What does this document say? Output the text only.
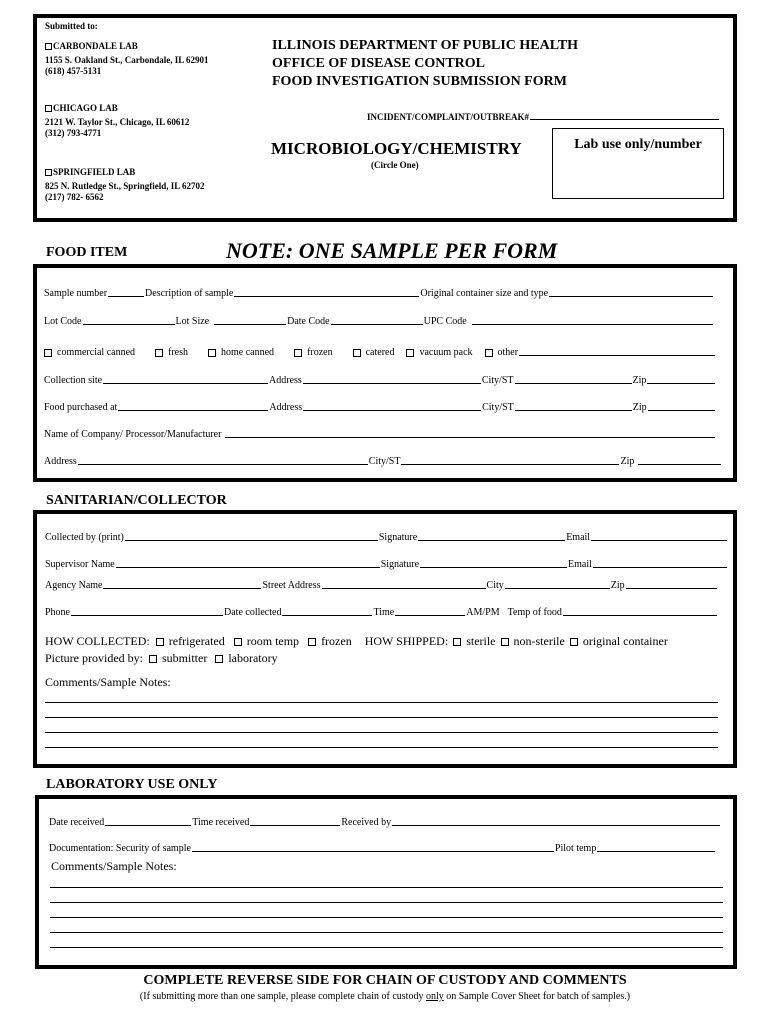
Submitted to:
CARBONDALE LAB
1155 S. Oakland St., Carbondale, IL 62901
(618) 457-5131
CHICAGO LAB
2121 W. Taylor St., Chicago, IL 60612
(312) 793-4771
SPRINGFIELD LAB
825 N. Rutledge St., Springfield, IL 62702
(217) 782- 6562
ILLINOIS DEPARTMENT OF PUBLIC HEALTH
OFFICE OF DISEASE CONTROL
FOOD INVESTIGATION SUBMISSION FORM
INCIDENT/COMPLAINT/OUTBREAK#
MICROBIOLOGY/CHEMISTRY
(Circle One)
Lab use only/number
FOOD ITEM	NOTE: ONE SAMPLE PER FORM
Sample number	Description of sample	Original container size and type
Lot Code	Lot Size	Date Code	UPC Code
commercial canned	fresh	home canned	frozen	catered	vacuum pack	other
Collection site	Address	City/ST	Zip
Food purchased at	Address	City/ST	Zip
Name of Company/ Processor/Manufacturer
Address	City/ST	Zip
SANITARIAN/COLLECTOR
Collected by (print)	Signature	Email
Supervisor Name	Signature	Email
Agency Name	Street Address	City	Zip
Phone	Date collected	Time	AM/PM Temp of food
HOW COLLECTED:	refrigerated	room temp	frozen HOW SHIPPED:	sterile	non-sterile	original container
Picture provided by:	submitter	laboratory
Comments/Sample Notes:
LABORATORY USE ONLY
Date received	Time received	Received by
Documentation: Security of sample	Pilot temp
Comments/Sample Notes:
COMPLETE REVERSE SIDE FOR CHAIN OF CUSTODY AND COMMENTS
(If submitting more than one sample, please complete chain of custody only on Sample Cover Sheet for batch of samples.)
